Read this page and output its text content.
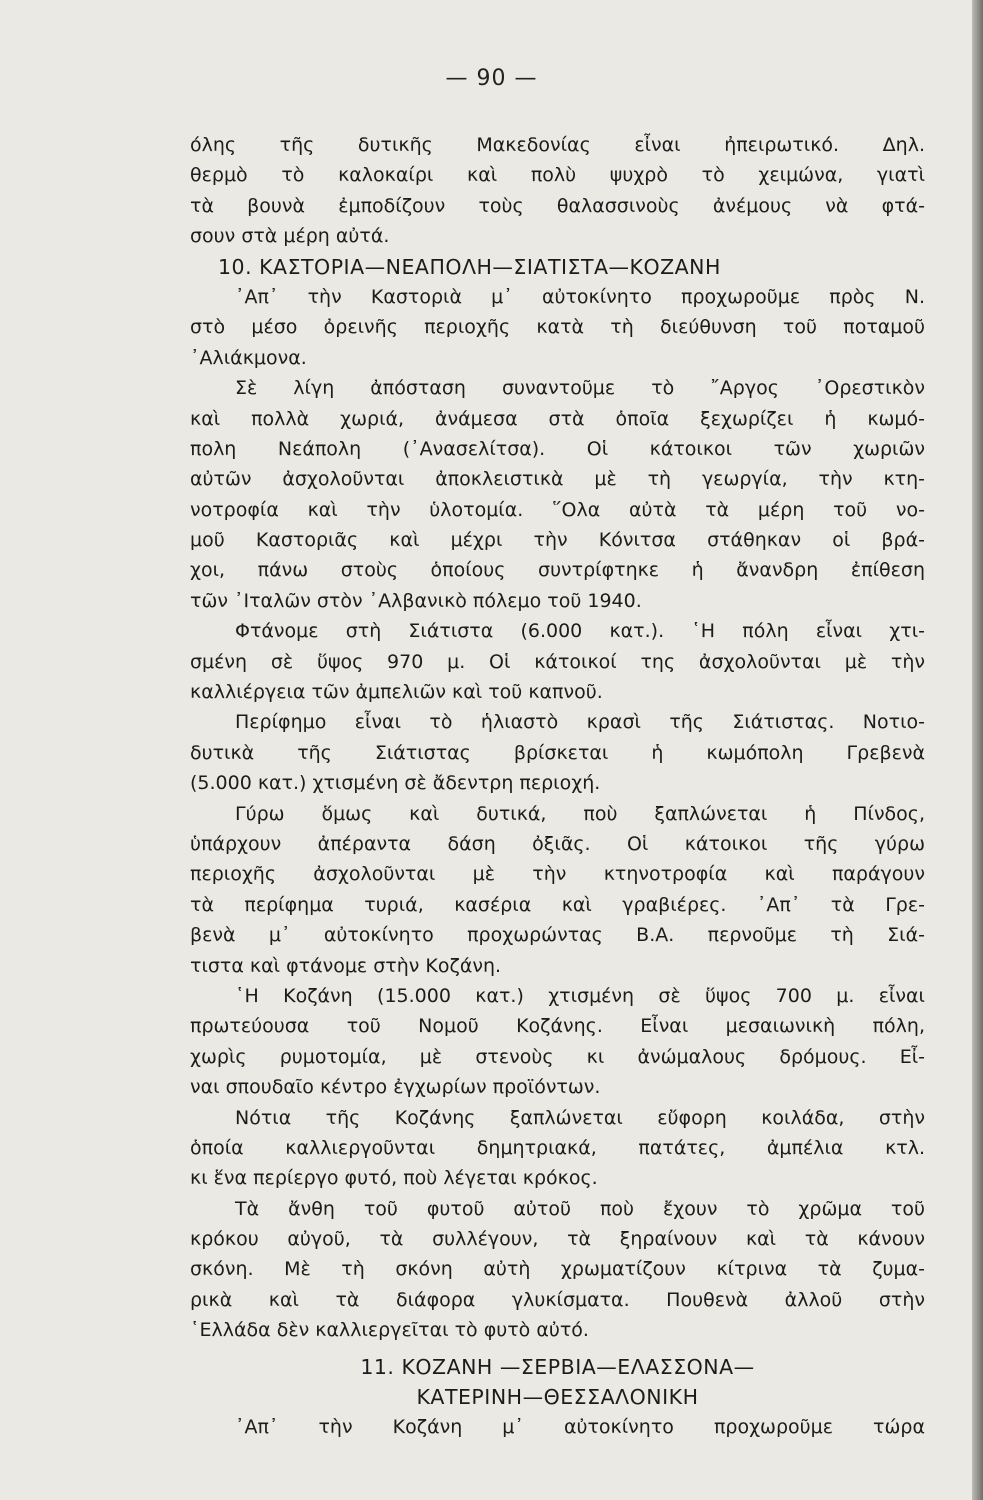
— 90 —
όλης τῆς δυτικῆς Μακεδονίας εἶναι ἠπειρωτικό. Δηλ.
θερμὸ τὸ καλοκαίρι καὶ πολὺ ψυχρὸ τὸ χειμώνα, γιατὶ
τὰ βουνὰ ἐμποδίζουν τοὺς θαλασσινοὺς ἀνέμους νὰ φτά-
σουν στὰ μέρη αὐτά.
10. ΚΑΣΤΟΡΙΑ—ΝΕΑΠΟΛΗ—ΣΙΑΤΙΣΤΑ—ΚΟΖΑΝΗ
᾿Απ᾿ τὴν Καστοριὰ μ᾿ αὐτοκίνητο προχωροῦμε πρὸς Ν.
στὸ μέσο ὀρεινῆς περιοχῆς κατὰ τὴ διεύθυνση τοῦ ποταμοῦ
᾿Αλιάκμονα.
Σὲ λίγη ἀπόσταση συναντοῦμε τὸ ῎Αργος ᾿Ορεστικὸν
καὶ πολλὰ χωριά, ἀνάμεσα στὰ ὁποῖα ξεχωρίζει ἡ κωμό-
πολη Νεάπολη (᾿Ανασελίτσα). Οἱ κάτοικοι τῶν χωριῶν
αὐτῶν ἀσχολοῦνται ἀποκλειστικὰ μὲ τὴ γεωργία, τὴν κτη-
νοτροφία καὶ τὴν ὑλοτομία. ῞Ολα αὐτὰ τὰ μέρη τοῦ νο-
μοῦ Καστοριᾶς καὶ μέχρι τὴν Κόνιτσα στάθηκαν οἱ βρά-
χοι, πάνω στοὺς ὁποίους συντρίφτηκε ἡ ἄνανδρη ἐπίθεση
τῶν ᾿Ιταλῶν στὸν ᾿Αλβανικὸ πόλεμο τοῦ 1940.
Φτάνομε στὴ Σιάτιστα (6.000 κατ.). ῾Η πόλη εἶναι χτι-
σμένη σὲ ὕψος 970 μ. Οἱ κάτοικοί της ἀσχολοῦνται μὲ τὴν
καλλιέργεια τῶν ἀμπελιῶν καὶ τοῦ καπνοῦ.
Περίφημο εἶναι τὸ ἡλιαστὸ κρασὶ τῆς Σιάτιστας. Νοτιο-
δυτικὰ τῆς Σιάτιστας βρίσκεται ἡ κωμόπολη Γρεβενὰ
(5.000 κατ.) χτισμένη σὲ ἄδεντρη περιοχή.
Γύρω ὅμως καὶ δυτικά, ποὺ ξαπλώνεται ἡ Πίνδος,
ὑπάρχουν ἀπέραντα δάση ὀξιᾶς. Οἱ κάτοικοι τῆς γύρω
περιοχῆς ἀσχολοῦνται μὲ τὴν κτηνοτροφία καὶ παράγουν
τὰ περίφημα τυριά, κασέρια καὶ γραβιέρες. ᾿Απ᾿ τὰ Γρε-
βενὰ μ᾿ αὐτοκίνητο προχωρώντας Β.Α. περνοῦμε τὴ Σιά-
τιστα καὶ φτάνομε στὴν Κοζάνη.
῾Η Κοζάνη (15.000 κατ.) χτισμένη σὲ ὕψος 700 μ. εἶναι
πρωτεύουσα τοῦ Νομοῦ Κοζάνης. Εἶναι μεσαιωνικὴ πόλη,
χωρὶς ρυμοτομία, μὲ στενοὺς κι ἀνώμαλους δρόμους. Εἶ-
ναι σπουδαῖο κέντρο ἐγχωρίων προϊόντων.
Νότια τῆς Κοζάνης ξαπλώνεται εὔφορη κοιλάδα, στὴν
ὁποία καλλιεργοῦνται δημητριακά, πατάτες, ἀμπέλια κτλ.
κι ἕνα περίεργο φυτό, ποὺ λέγεται κρόκος.
Τὰ ἄνθη τοῦ φυτοῦ αὐτοῦ ποὺ ἔχουν τὸ χρῶμα τοῦ
κρόκου αὐγοῦ, τὰ συλλέγουν, τὰ ξηραίνουν καὶ τὰ κάνουν
σκόνη. Μὲ τὴ σκόνη αὐτὴ χρωματίζουν κίτρινα τὰ ζυμα-
ρικὰ καὶ τὰ διάφορα γλυκίσματα. Πουθενὰ ἀλλοῦ στὴν
῾Ελλάδα δὲν καλλιεργεῖται τὸ φυτὸ αὐτό.
11. ΚΟΖΑΝΗ —ΣΕΡΒΙΑ—ΕΛΑΣΣΟΝΑ—
ΚΑΤΕΡΙΝΗ—ΘΕΣΣΑΛΟΝΙΚΗ
᾿Απ᾿ τὴν Κοζάνη μ᾿ αὐτοκίνητο προχωροῦμε τώρα
